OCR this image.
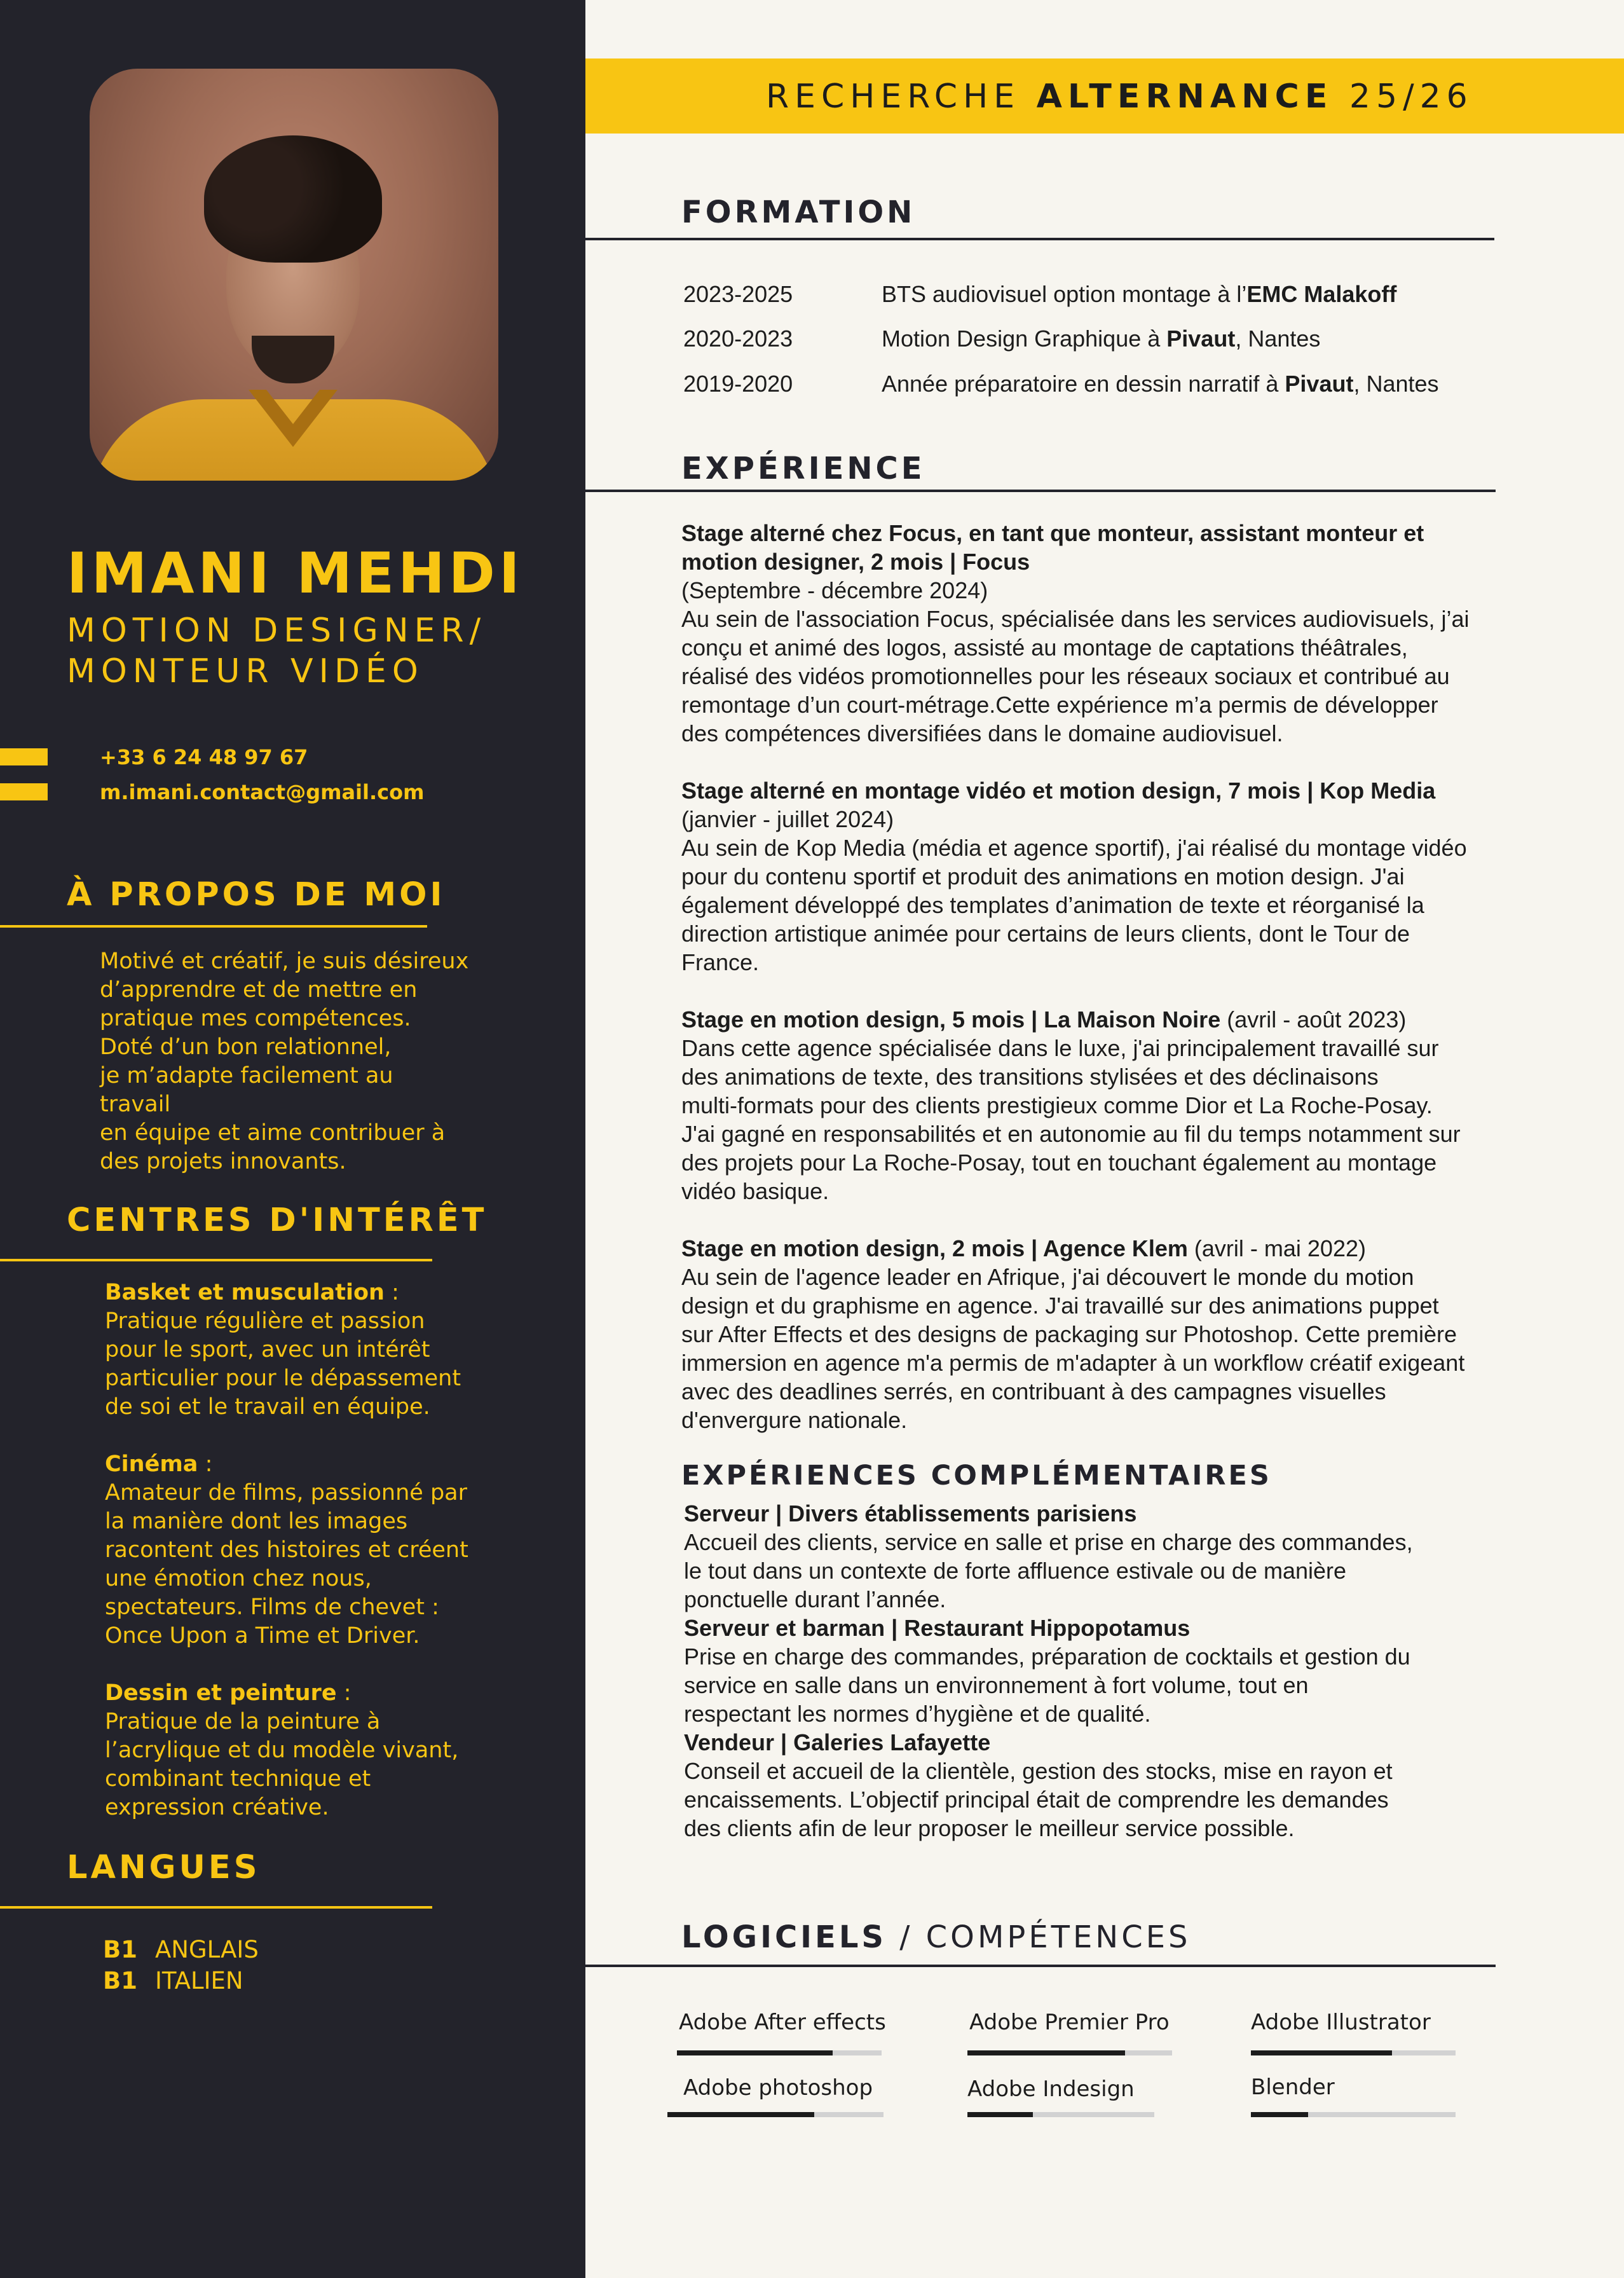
IMANI MEHDI
MOTION DESIGNER/
MONTEUR VIDÉO
+33 6 24 48 97 67
m.imani.contact@gmail.com
À PROPOS DE MOI
Motivé et créatif, je suis désireux
d’apprendre et de mettre en
pratique mes compétences.
Doté d’un bon relationnel,
je m’adapte facilement au
travail
en équipe et aime contribuer à
des projets innovants.
CENTRES D'INTÉRÊT
Basket et musculation :
Pratique régulière et passion
pour le sport, avec un intérêt
particulier pour le dépassement
de soi et le travail en équipe.
Cinéma :
Amateur de films, passionné par
la manière dont les images
racontent des histoires et créent
une émotion chez nous,
spectateurs. Films de chevet :
Once Upon a Time et Driver.
Dessin et peinture :
Pratique de la peinture à
l’acrylique et du modèle vivant,
combinant technique et
expression créative.
LANGUES
B1 ANGLAIS
B1 ITALIEN
RECHERCHE ALTERNANCE 25/26
FORMATION
2023-2025	BTS audiovisuel option montage à l’EMC Malakoff
2020-2023	Motion Design Graphique à Pivaut, Nantes
2019-2020	Année préparatoire en dessin narratif à Pivaut, Nantes
EXPÉRIENCE

Stage alterné chez Focus, en tant que monteur, assistant monteur et

motion designer, 2 mois | Focus

(Septembre - décembre 2024)

Au sein de l'association Focus, spécialisée dans les services audiovisuels, j’ai

conçu et animé des logos, assisté au montage de captations théâtrales,

réalisé des vidéos promotionnelles pour les réseaux sociaux et contribué au

remontage d’un court-métrage.Cette expérience m’a permis de développer

des compétences diversifiées dans le domaine audiovisuel.

Stage alterné en montage vidéo et motion design, 7 mois | Kop Media

(janvier - juillet 2024)

Au sein de Kop Media (média et agence sportif), j'ai réalisé du montage vidéo

pour du contenu sportif et produit des animations en motion design. J'ai

également développé des templates d’animation de texte et réorganisé la

direction artistique animée pour certains de leurs clients, dont le Tour de

France.

Stage en motion design, 5 mois | La Maison Noire (avril - août 2023)

Dans cette agence spécialisée dans le luxe, j'ai principalement travaillé sur

des animations de texte, des transitions stylisées et des déclinaisons

multi-formats pour des clients prestigieux comme Dior et La Roche-Posay.

J'ai gagné en responsabilités et en autonomie au fil du temps notamment sur

des projets pour La Roche-Posay, tout en touchant également au montage

vidéo basique.

Stage en motion design, 2 mois | Agence Klem (avril - mai 2022)

Au sein de l'agence leader en Afrique, j'ai découvert le monde du motion

design et du graphisme en agence. J'ai travaillé sur des animations puppet

sur After Effects et des designs de packaging sur Photoshop. Cette première

immersion en agence m'a permis de m'adapter à un workflow créatif exigeant

avec des deadlines serrés, en contribuant à des campagnes visuelles

d'envergure nationale.

EXPÉRIENCES COMPLÉMENTAIRES

Serveur | Divers établissements parisiens

Accueil des clients, service en salle et prise en charge des commandes,

le tout dans un contexte de forte affluence estivale ou de manière

ponctuelle durant l’année.

Serveur et barman | Restaurant Hippopotamus

Prise en charge des commandes, préparation de cocktails et gestion du

service en salle dans un environnement à fort volume, tout en

respectant les normes d’hygiène et de qualité.

Vendeur | Galeries Lafayette

Conseil et accueil de la clientèle, gestion des stocks, mise en rayon et

encaissements. L’objectif principal était de comprendre les demandes

des clients afin de leur proposer le meilleur service possible.

LOGICIELS / COMPÉTENCES
Adobe After effects	Adobe Premier Pro	Adobe Illustrator
Adobe photoshop	Adobe Indesign	Blender
